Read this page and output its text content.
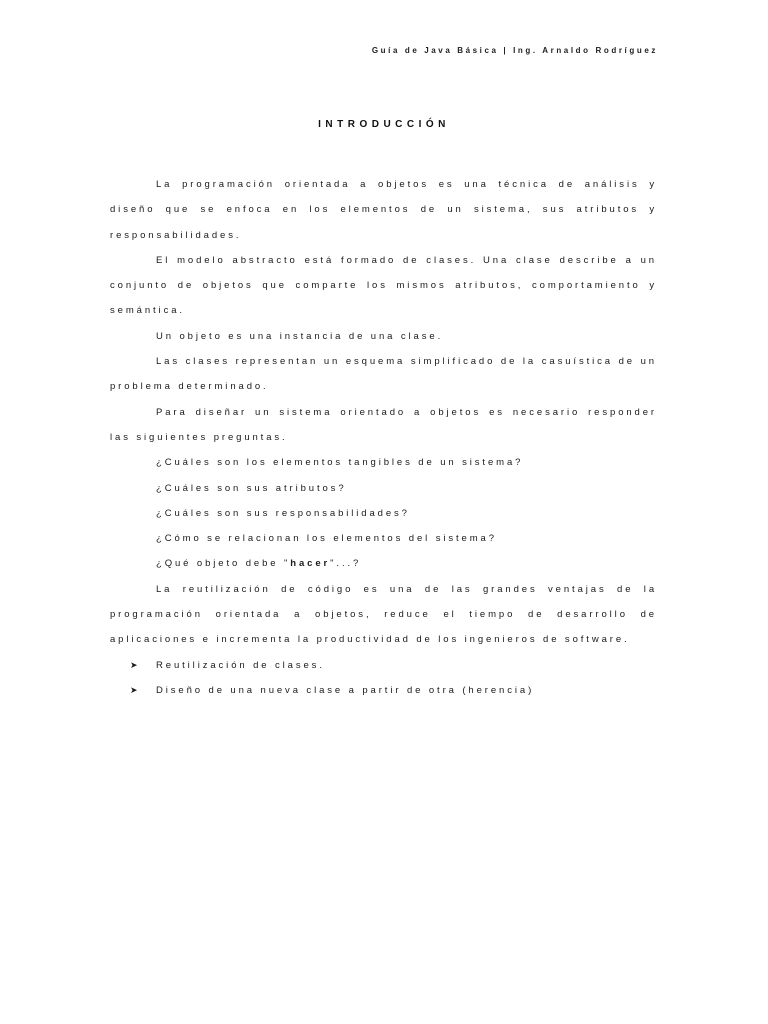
Guía de Java Básica | Ing. Arnaldo Rodríguez
INTRODUCCIÓN

La programación orientada a objetos es una técnica de análisis y diseño que se enfoca en los elementos de un sistema, sus atributos y responsabilidades.

El modelo abstracto está formado de clases. Una clase describe a un conjunto de objetos que comparte los mismos atributos, comportamiento y semántica.

Un objeto es una instancia de una clase.

Las clases representan un esquema simplificado de la casuística de un problema determinado.

Para diseñar un sistema orientado a objetos es necesario responder las siguientes preguntas.

¿Cuáles son los elementos tangibles de un sistema?

¿Cuáles son sus atributos?

¿Cuáles son sus responsabilidades?

¿Cómo se relacionan los elementos del sistema?

¿Qué objeto debe "hacer"...?

La reutilización de código es una de las grandes ventajas de la programación orientada a objetos, reduce el tiempo de desarrollo de aplicaciones e incrementa la productividad de los ingenieros de software.

➤ Reutilización de clases.
➤ Diseño de una nueva clase a partir de otra (herencia)
